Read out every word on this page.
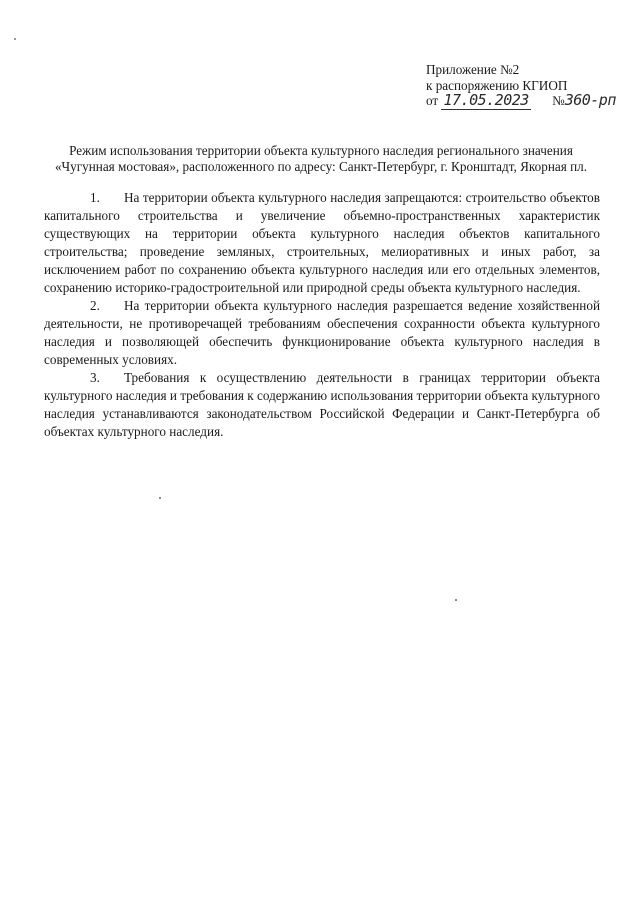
Приложение №2
к распоряжению КГИОП
от 17.05.2023 №360-рп
Режим использования территории объекта культурного наследия регионального значения
«Чугунная мостовая», расположенного по адресу: Санкт-Петербург, г. Кронштадт, Якорная пл.

1. На территории объекта культурного наследия запрещаются: строительство объектов капитального строительства и увеличение объемно-пространственных характеристик существующих на территории объекта культурного наследия объектов капитального строительства; проведение земляных, строительных, мелиоративных и иных работ, за исключением работ по сохранению объекта культурного наследия или его отдельных элементов, сохранению историко-градостроительной или природной среды объекта культурного наследия.

2. На территории объекта культурного наследия разрешается ведение хозяйственной деятельности, не противоречащей требованиям обеспечения сохранности объекта культурного наследия и позволяющей обеспечить функционирование объекта культурного наследия в современных условиях.

3. Требования к осуществлению деятельности в границах территории объекта культурного наследия и требования к содержанию использования территории объекта культурного наследия устанавливаются законодательством Российской Федерации и Санкт-Петербурга об объектах культурного наследия.
